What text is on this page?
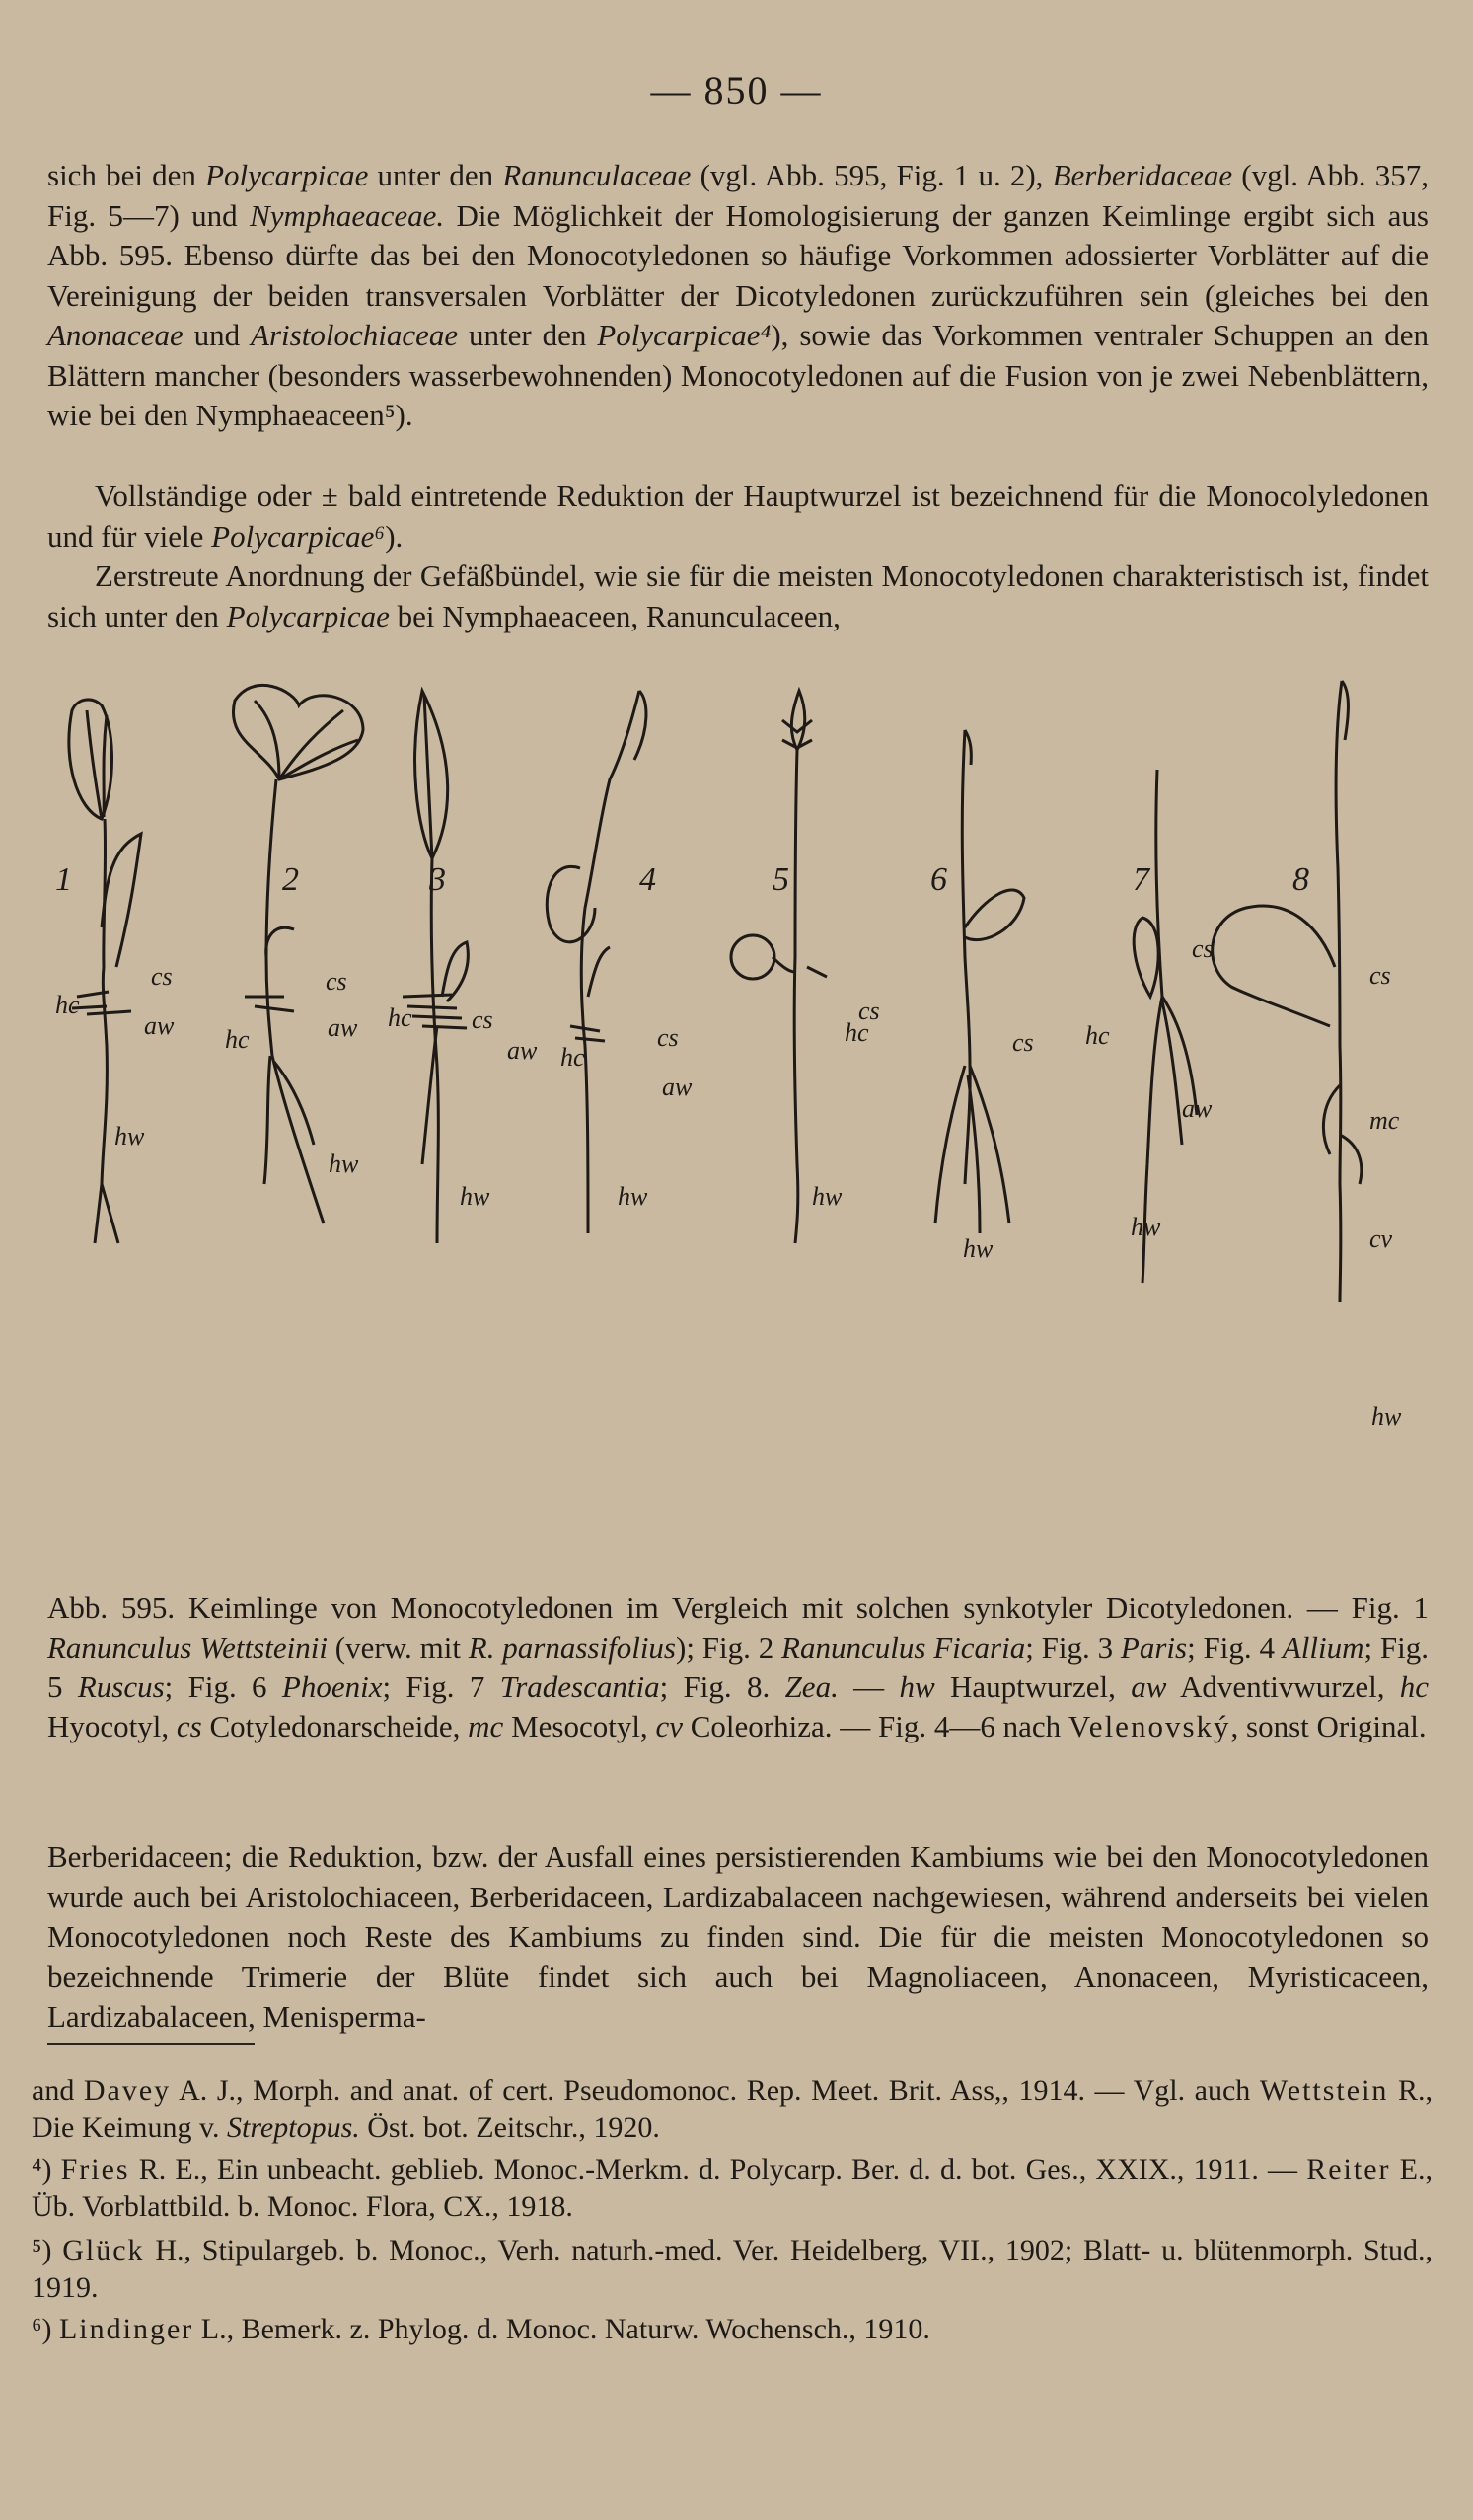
— 850 —

sich bei den Polycarpicae unter den Ranunculaceae (vgl. Abb. 595, Fig. 1 u. 2), Berberidaceae (vgl. Abb. 357, Fig. 5—7) und Nymphaeaceae. Die Möglichkeit der Homologisierung der ganzen Keimlinge ergibt sich aus Abb. 595. Ebenso dürfte das bei den Monocotyledonen so häufige Vorkommen adossierter Vorblätter auf die Vereinigung der beiden transversalen Vorblätter der Dicotyledonen zurückzuführen sein (gleiches bei den Anonaceae und Aristolochiaceae unter den Polycarpicae⁴), sowie das Vorkommen ventraler Schuppen an den Blättern mancher (besonders wasserbewohnenden) Monocotyledonen auf die Fusion von je zwei Nebenblättern, wie bei den Nymphaeaceen⁵).

Vollständige oder ± bald eintretende Reduktion der Hauptwurzel ist bezeichnend für die Monocolyledonen und für viele Polycarpicae⁶).

Zerstreute Anordnung der Gefäßbündel, wie sie für die meisten Monocotyledonen charakteristisch ist, findet sich unter den Polycarpicae bei Nymphaeaceen, Ranunculaceen,

1	2	3	4	5	6	7	8
cs
hc
aw
hw
cs
aw
hc
hw
hc cs
aw
hw
cs
hc
aw
hw
cs
hc
hw
cs
hw
cs
hc
aw
hw
cs
mc
cv
hw

Abb. 595. Keimlinge von Monocotyledonen im Vergleich mit solchen synkotyler Dicotyledonen. — Fig. 1 Ranunculus Wettsteinii (verw. mit R. parnassifolius); Fig. 2 Ranunculus Ficaria; Fig. 3 Paris; Fig. 4 Allium; Fig. 5 Ruscus; Fig. 6 Phoenix; Fig. 7 Tradescantia; Fig. 8. Zea. — hw Hauptwurzel, aw Adventivwurzel, hc Hyocotyl, cs Cotyledonarscheide, mc Mesocotyl, cv Coleorhiza. — Fig. 4—6 nach Velenovský, sonst Original.

Berberidaceen; die Reduktion, bzw. der Ausfall eines persistierenden Kambiums wie bei den Monocotyledonen wurde auch bei Aristolochiaceen, Berberidaceen, Lardizabalaceen nachgewiesen, während anderseits bei vielen Monocotyledonen noch Reste des Kambiums zu finden sind. Die für die meisten Monocotyledonen so bezeichnende Trimerie der Blüte findet sich auch bei Magnoliaceen, Anonaceen, Myristicaceen, Lardizabalaceen, Menisperma-

and Davey A. J., Morph. and anat. of cert. Pseudomonoc. Rep. Meet. Brit. Ass,, 1914. — Vgl. auch Wettstein R., Die Keimung v. Streptopus. Öst. bot. Zeitschr., 1920.

⁴) Fries R. E., Ein unbeacht. geblieb. Monoc.-Merkm. d. Polycarp. Ber. d. d. bot. Ges., XXIX., 1911. — Reiter E., Üb. Vorblattbild. b. Monoc. Flora, CX., 1918.

⁵) Glück H., Stipulargeb. b. Monoc., Verh. naturh.-med. Ver. Heidelberg, VII., 1902; Blatt- u. blütenmorph. Stud., 1919.

⁶) Lindinger L., Bemerk. z. Phylog. d. Monoc. Naturw. Wochensch., 1910.
